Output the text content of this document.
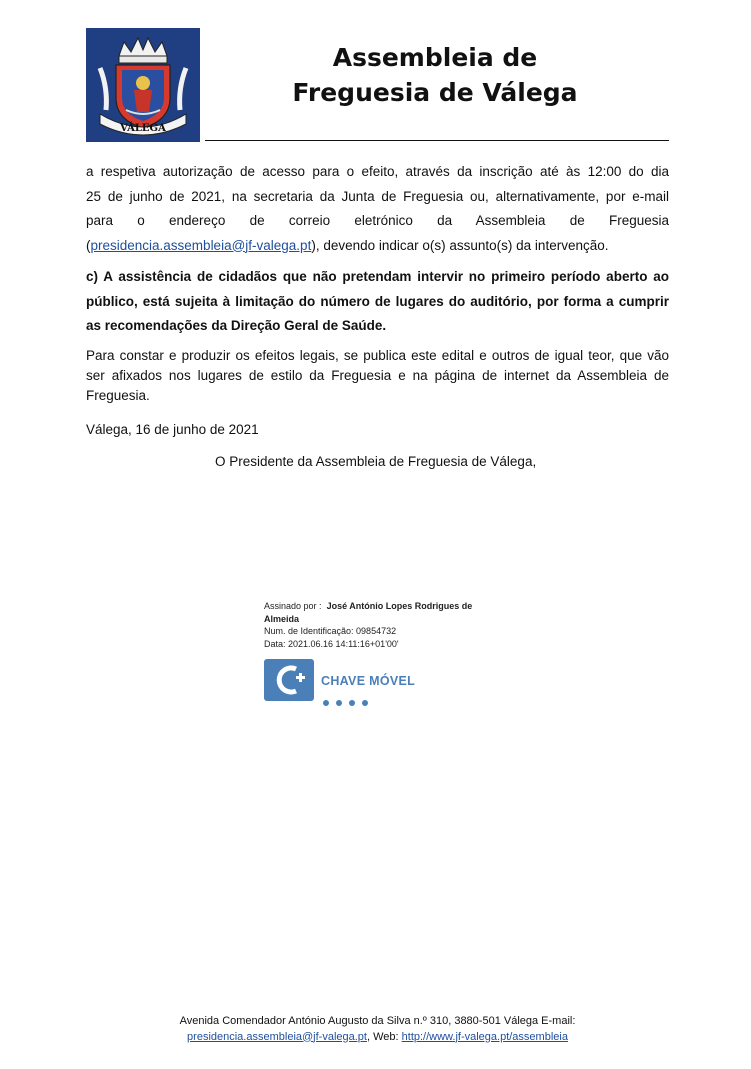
VÁLEGA
Assembleia de
Freguesia de Válega
a respetiva autorização de acesso para o efeito, através da inscrição até às 12:00 do dia
25 de junho de 2021, na secretaria da Junta de Freguesia ou, alternativamente, por e-mail
para o endereço de correio eletrónico da Assembleia de Freguesia
(presidencia.assembleia@jf-valega.pt), devendo indicar o(s) assunto(s) da intervenção.
c) A assistência de cidadãos que não pretendam intervir no primeiro período aberto ao
público, está sujeita à limitação do número de lugares do auditório, por forma a cumprir
as recomendações da Direção Geral de Saúde.
Para constar e produzir os efeitos legais, se publica este edital e outros de igual teor, que vão
ser afixados nos lugares de estilo da Freguesia e na página de internet da Assembleia de
Freguesia.
Válega, 16 de junho de 2021
O Presidente da Assembleia de Freguesia de Válega,
Assinado por : José António Lopes Rodrigues de
Almeida
Num. de Identificação: 09854732
Data: 2021.06.16 14:11:16+01'00'
CHAVE MÓVEL
Avenida Comendador António Augusto da Silva n.º 310, 3880-501 Válega E-mail:
presidencia.assembleia@jf-valega.pt, Web: http://www.jf-valega.pt/assembleia
